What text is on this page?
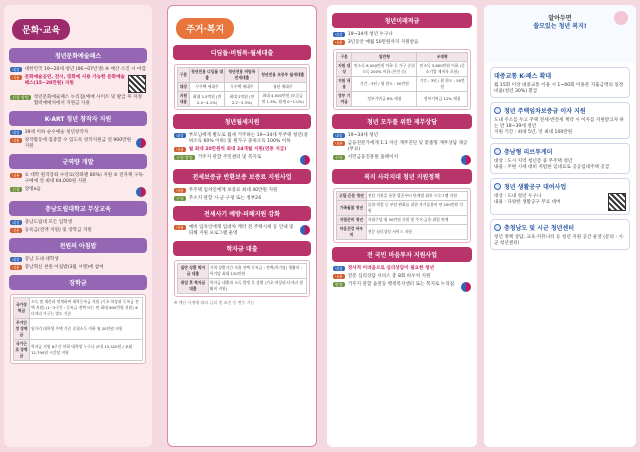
문화·교육
청년문화예술패스
대상	대한민국 19~20세 청년 (06~07년생) ※ 예산 소진 시 마감
내용	문화예술공연, 전시, 영화에 사용 가능한 문화예술패스(15~20만원) 지원
신청 방법	청년문화예술패스 누리집(예매 사이트 및 발급 후 지정 협력예매처에서 지원금 사용
K-ART 청년 창작자 지원
대상	39세 이하 순수예술 청년창작자
내용	창작활동에 집중할 수 있도록 창작지원금 연 900만원 지원
군역량 개발
내용	① 대학 원격강좌 수강료(강좌별 80%) 지원 ② 전자책 구독·구매에 연 최대 64,000원 지원
신청	장병e음
충남도립대학교 무상교육
대상	충남도립대 모든 입학생
내용	등록금(전액 지원) 및 장학금 지원
천원의 아침밥
대상	충남 도내 대학생
내용	충남혁신 천원 아침밥(3월 시행)에 참여
장학금
국가장학금	소득 및 재산과 연계하여 대학등록금 지원 (기초·차상위 등록금 전액 지원) (1~3구간 : 등록금 전액 또는 연 최대 600만원 지원) ※ 다자녀 가구는 별도 기준
주거안정 장학금	원거리 대학생 주택 기준 중위소득 이하 월 20만원 지원
국가근로 장학금	학자금 지원 8구간 이하 대학생 누구나 교내 10,320원 / 교외 12,790원 시간당 지원
주거·복지
디딤돌·버팀목·월세대출
구분	청년전용 디딤돌 대출	청년전용 버팀목 전세대출	청년전용 보증부 월세대출
대상	무주택 세대주	무주택 세대주	청년 세대주
지원 내용	최대 2.5억원 (연 2.4~4.1%)	최대 2억원 (연 2.2~3.3%)	최대 4,500만원 (보증금 연 1.3%, 월세 0~1.0%)
청년월세지원
대상	부모님에게 별도로 월세 거주하는 19~34세 무주택 청년(중위소득 60% 이하) 및 원가구 중위소득 100% 이하
내용	월 최대 20만원씩 최대 24개월 지원(연중 지급)
신청 방법	거주지 관할 주민센터 및 복지로
전세보증금 반환보증 보증료 지원사업
내용	무주택 임차인에게 보증료 최대 40만원 지원
신청	주소지 관할 시·군·구청 또는 정부24
전세사기 예방·피해지원 강화
내용	예비 임차인에게 임대차 계약 전 주택시세 등 안내 및 피해 지원 프로그램 운영
학자금 대출
일반 상환 학자금 대출	거치·상환기간 자율 선택 등록금 : 전액(학기당) 생활비 : 학기당 최대 150만원
취업 후 학자금 대출	학자금 대출과 소득 발생 후 상환 (기초·차상위·다자녀 생활비 지원)
※ 예산 사정에 따라 금리 및 조건 등 변동 가능
청년미래적금
대상	19~34세 청년 누구나
내용	3년동안 매월 50만원까지 지원받음
구분	일반형	우대형
지원 대상	연소득 6,000만원 이하 등 가구 중위소득 200% 이하 (본인 등)	연소득 3,600만원 이하 (중소기업 재직자 포함)
지원 내용	기간 : 3년 / 월 한도 : 50만원	기간 : 3년 / 월 한도 : 50만원
정부 기여금	정부기여금 6% 매칭	정부기여금 12% 매칭
청년 모두를 위한 재무상담
대상	19~34세 청년
내용	금융전문가에게 1:1 자산 재무진단 및 맞춤형 재무상담 제공 (무료)
신청	서민금융진흥원 홈페이지
복지 사각지대 청년 지원정책
고립·은둔 청년	전담 기관을 통한 발굴부터 단계별 회복 프로그램 지원
가족돌봄 청년	돌봄·학업 등 부담 완화를 위한 자기돌봄비 연 200만원 지원
자립준비 청년	자립수당 월 50만원 지원 및 주거·금융·취업 연계
마음건강 바우처	전문 심리상담 서비스 지원
전 국민 마음투자 지원사업
대상	정서적 어려움으로 심리상담이 필요한 청년
내용	전문 심리상담 서비스 총 8회 바우처 지원
방법	거주지 관할 읍면동 행정복지센터 또는 복지로 누리집
알아두면
쓸모있는 청년 복지!
대중교통 K-패스 확대
월 15회 이상 대중교통 이용 시 1~60회 이용분 지출금액의 일정 비율(청년 30%) 환급
청년 주택임차보증금 이자 지원
도내 주소를 두고 주택 전세·반전세 계약 시 이자를 지원받고자 하는 만 18~39세 청년
지원 기간 : 최대 5년, 연 최대 100만원
충남형 리브투게더
대상 : 도시 지역 청년층 중 무주택 청년
내용 : 주변 시세 대비 저렴한 임대료로 공공임대주택 공급
청년 생활공구 대여사업
대상 : 도내 청년 누구나
내용 : 다양한 생활공구 무료 대여
충청남도 및 시군 청년센터
청년 정책 상담, 교육·커뮤니티 등 청년 지원 공간 운영 (문의 : 시·군 청년센터)
